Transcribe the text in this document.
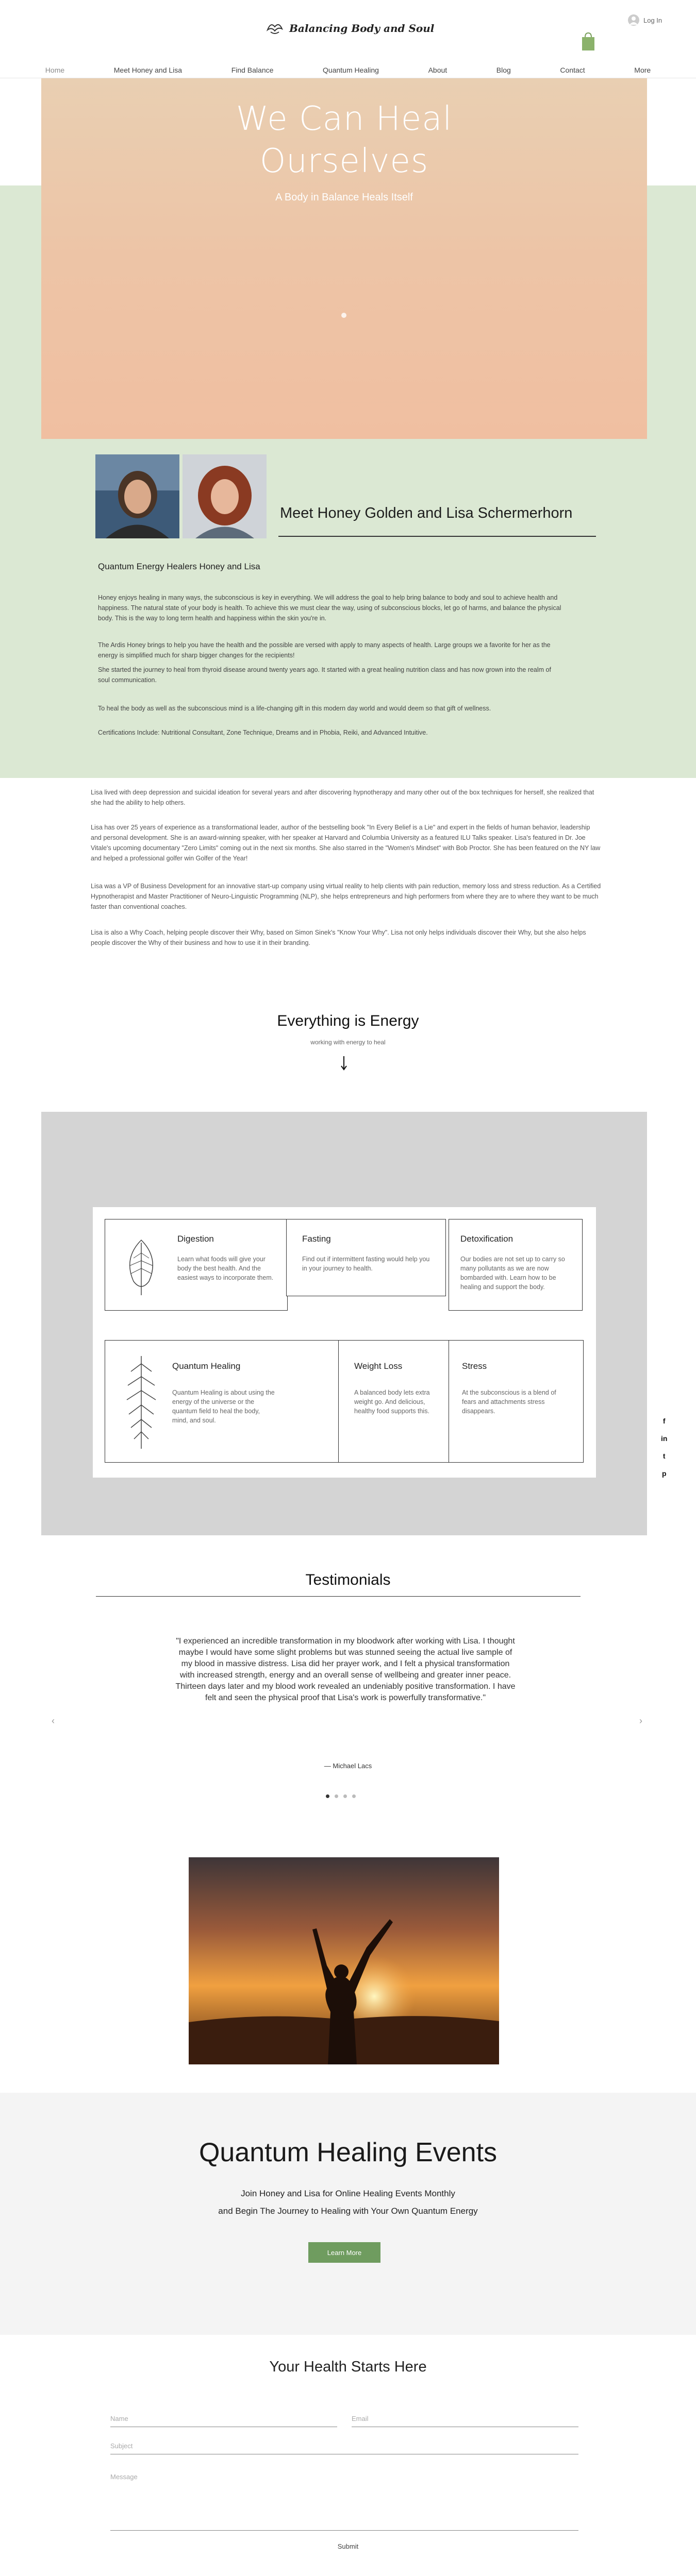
Balancing Body and Soul
Log In
Home	Meet Honey and Lisa	Find Balance	Quantum Healing	About	Blog	Contact	More
We Can Heal
Ourselves
A Body in Balance Heals Itself
Meet Honey Golden and Lisa Schermerhorn
Quantum Energy Healers Honey and Lisa
Honey enjoys healing in many ways, the subconscious is key in everything. We will address the goal to help bring balance to body and soul to achieve health and happiness. The natural state of your body is health. To achieve this we must clear the way, using of subconscious blocks, let go of harms, and balance the physical body. This is the way to long term health and happiness within the skin you're in.
The Ardis Honey brings to help you have the health and the possible are versed with apply to many aspects of health. Large groups we a favorite for her as the energy is simplified much for sharp bigger changes for the recipients!
She started the journey to heal from thyroid disease around twenty years ago. It started with a great healing nutrition class and has now grown into the realm of soul communication.
To heal the body as well as the subconscious mind is a life-changing gift in this modern day world and would deem so that gift of wellness.
Certifications Include: Nutritional Consultant, Zone Technique, Dreams and in Phobia, Reiki, and Advanced Intuitive.
Lisa lived with deep depression and suicidal ideation for several years and after discovering hypnotherapy and many other out of the box techniques for herself, she realized that she had the ability to help others.
Lisa has over 25 years of experience as a transformational leader, author of the bestselling book "In Every Belief is a Lie" and expert in the fields of human behavior, leadership and personal development. She is an award-winning speaker, with her speaker at Harvard and Columbia University as a featured ILU Talks speaker. Lisa's featured in Dr. Joe Vitale's upcoming documentary "Zero Limits" coming out in the next six months. She also starred in the "Women's Mindset" with Bob Proctor. She has been featured on the NY law and helped a professional golfer win Golfer of the Year!
Lisa was a VP of Business Development for an innovative start-up company using virtual reality to help clients with pain reduction, memory loss and stress reduction. As a Certified Hypnotherapist and Master Practitioner of Neuro-Linguistic Programming (NLP), she helps entrepreneurs and high performers from where they are to where they want to be much faster than conventional coaches.
Lisa is also a Why Coach, helping people discover their Why, based on Simon Sinek's "Know Your Why". Lisa not only helps individuals discover their Why, but she also helps people discover the Why of their business and how to use it in their branding.
Everything is Energy
working with energy to heal
Digestion
Learn what foods will give your body the best health. And the easiest ways to incorporate them.
Fasting
Find out if intermittent fasting would help you in your journey to health.
Detoxification
Our bodies are not set up to carry so many pollutants as we are now bombarded with. Learn how to be healing and support the body.
Quantum Healing
Quantum Healing is about using the energy of the universe or the quantum field to heal the body, mind, and soul.
Weight Loss
A balanced body lets extra weight go. And delicious, healthy food supports this.
Stress
At the subconscious is a blend of fears and attachments stress disappears.
f
in
t
p
Testimonials
‹	›
"I experienced an incredible transformation in my bloodwork after working with Lisa. I thought maybe I would have some slight problems but was stunned seeing the actual live sample of my blood in massive distress. Lisa did her prayer work, and I felt a physical transformation with increased strength, energy and an overall sense of wellbeing and greater inner peace. Thirteen days later and my blood work revealed an undeniably positive transformation. I have felt and seen the physical proof that Lisa's work is powerfully transformative."
— Michael Lacs
Quantum Healing Events
Join Honey and Lisa for Online Healing Events Monthly
and Begin The Journey to Healing with Your Own Quantum Energy
Learn More
Your Health Starts Here
Name	Email
Subject
Message
Submit
